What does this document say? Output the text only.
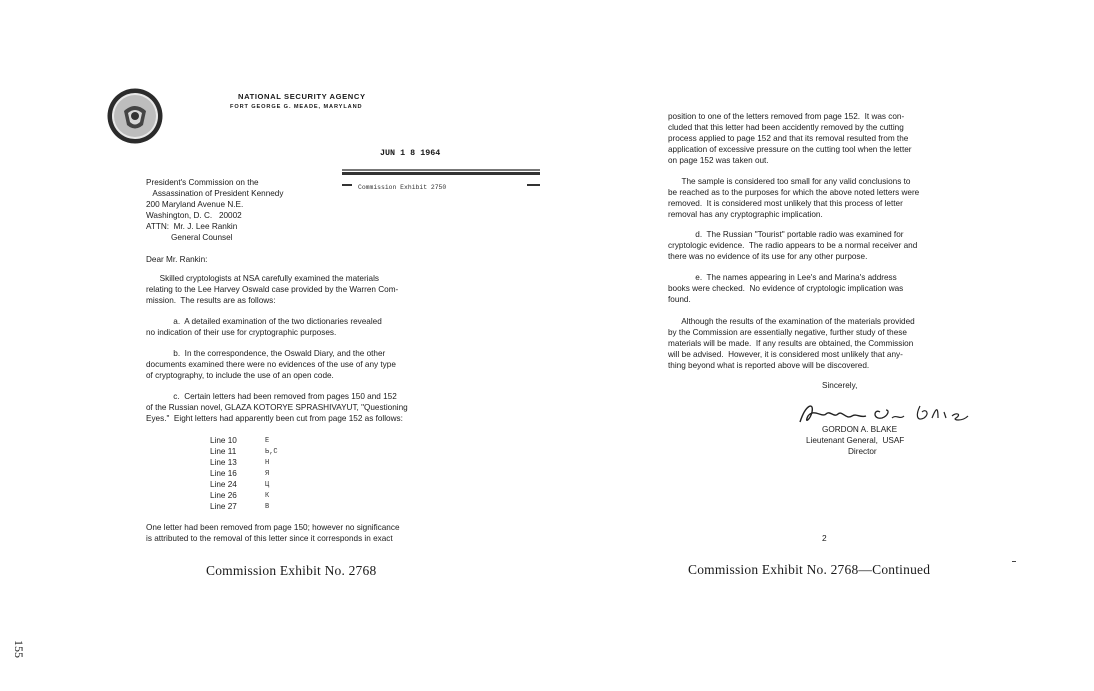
NATIONAL SECURITY AGENCY
FORT GEORGE G. MEADE, MARYLAND
JUN 1 8 1964
Commission Exhibit 2750
President's Commission on the
Assassination of President Kennedy
200 Maryland Avenue N.E.
Washington, D. C.   20002
ATTN:  Mr. J. Lee Rankin
General Counsel
Dear Mr. Rankin:
Skilled cryptologists at NSA carefully examined the materials
relating to the Lee Harvey Oswald case provided by the Warren Com-
mission.  The results are as follows:
a.  A detailed examination of the two dictionaries revealed
no indication of their use for cryptographic purposes.
b.  In the correspondence, the Oswald Diary, and the other
documents examined there were no evidences of the use of any type
of cryptography, to include the use of an open code.
c.  Certain letters had been removed from pages 150 and 152
of the Russian novel, GLAZA KOTORYE SPRASHIVAYUT, "Questioning
Eyes."  Eight letters had apparently been cut from page 152 as follows:
Line 10	Е
Line 11	Ь,С
Line 13	Н
Line 16	Я
Line 24	Ц
Line 26	К
Line 27	В
One letter had been removed from page 150; however no significance
is attributed to the removal of this letter since it corresponds in exact
Commission Exhibit No. 2768
155
position to one of the letters removed from page 152.  It was con-
cluded that this letter had been accidently removed by the cutting
process applied to page 152 and that its removal resulted from the
application of excessive pressure on the cutting tool when the letter
on page 152 was taken out.
The sample is considered too small for any valid conclusions to
be reached as to the purposes for which the above noted letters were
removed.  It is considered most unlikely that this process of letter
removal has any cryptographic implication.
d.  The Russian "Tourist" portable radio was examined for
cryptologic evidence.  The radio appears to be a normal receiver and
there was no evidence of its use for any other purpose.
e.  The names appearing in Lee's and Marina's address
books were checked.  No evidence of cryptologic implication was
found.
Although the results of the examination of the materials provided
by the Commission are essentially negative, further study of these
materials will be made.  If any results are obtained, the Commission
will be advised.  However, it is considered most unlikely that any-
thing beyond what is reported above will be discovered.
Sincerely,
GORDON A. BLAKE
Lieutenant General,  USAF
Director
2
Commission Exhibit No. 2768—Continued
